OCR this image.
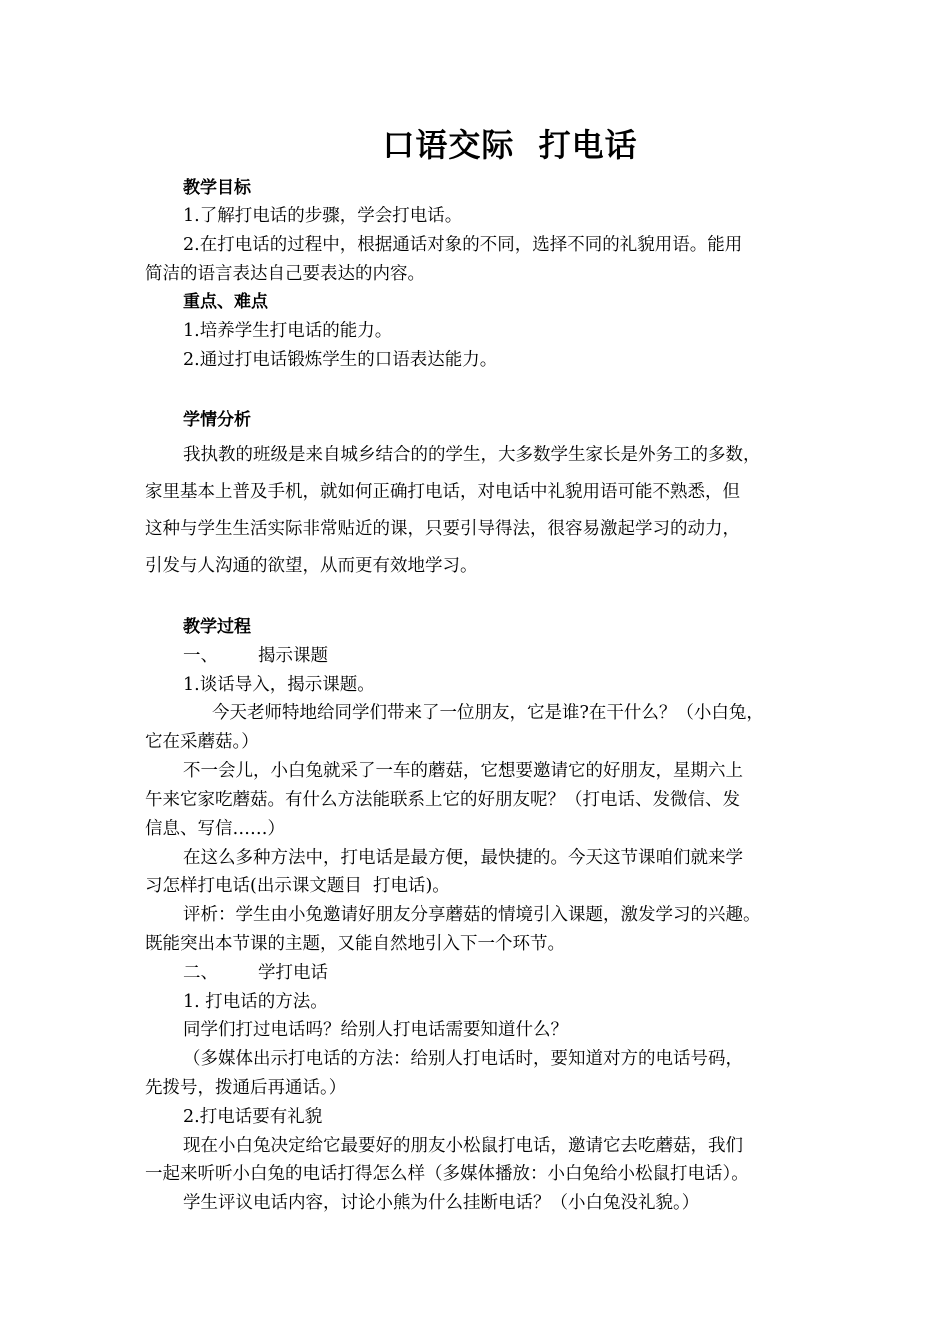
口语交际  打电话
教学目标
1.了解打电话的步骤，学会打电话。
2.在打电话的过程中，根据通话对象的不同，选择不同的礼貌用语。能用
简洁的语言表达自己要表达的内容。
重点、难点
1.培养学生打电话的能力。
2.通过打电话锻炼学生的口语表达能力。
学情分析
我执教的班级是来自城乡结合的的学生，大多数学生家长是外务工的多数，
家里基本上普及手机，就如何正确打电话，对电话中礼貌用语可能不熟悉，但
这种与学生生活实际非常贴近的课，只要引导得法，很容易激起学习的动力，
引发与人沟通的欲望，从而更有效地学习。
教学过程
一、 揭示课题
1.谈话导入，揭示课题。
今天老师特地给同学们带来了一位朋友，它是谁?在干什么？（小白兔，
它在采蘑菇。）
不一会儿，小白兔就采了一车的蘑菇，它想要邀请它的好朋友，星期六上
午来它家吃蘑菇。有什么方法能联系上它的好朋友呢？（打电话、发微信、发
信息、写信……）
在这么多种方法中，打电话是最方便，最快捷的。今天这节课咱们就来学
习怎样打电话(出示课文题目  打电话)。
评析：学生由小兔邀请好朋友分享蘑菇的情境引入课题，激发学习的兴趣。
既能突出本节课的主题，又能自然地引入下一个环节。
二、 学打电话
1. 打电话的方法。
同学们打过电话吗？给别人打电话需要知道什么？
（多媒体出示打电话的方法：给别人打电话时，要知道对方的电话号码，
先拨号，拨通后再通话。）
2.打电话要有礼貌
现在小白兔决定给它最要好的朋友小松鼠打电话，邀请它去吃蘑菇，我们
一起来听听小白兔的电话打得怎么样（多媒体播放：小白兔给小松鼠打电话）。
学生评议电话内容，讨论小熊为什么挂断电话？（小白兔没礼貌。）
